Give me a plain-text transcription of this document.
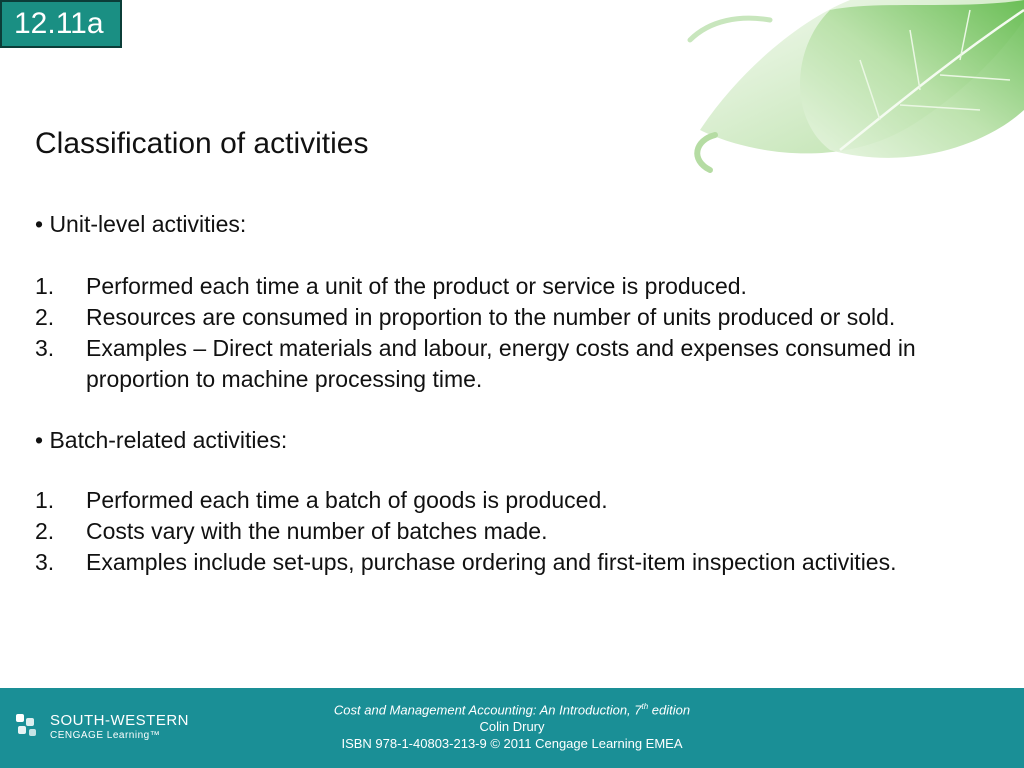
12.11a
Classification of activities
• Unit-level activities:
1. Performed each time a unit of the product or service is produced.
2. Resources are consumed in proportion to the number of units produced or sold.
3. Examples – Direct materials and labour, energy costs and expenses consumed in proportion to machine processing time.
• Batch-related activities:
1. Performed each time a batch of goods is produced.
2. Costs vary with the number of batches made.
3. Examples include set-ups, purchase ordering and first-item inspection activities.
SOUTH-WESTERN
CENGAGE Learning™
Cost and Management Accounting: An Introduction, 7th edition
Colin Drury
ISBN 978-1-40803-213-9 © 2011 Cengage Learning EMEA
